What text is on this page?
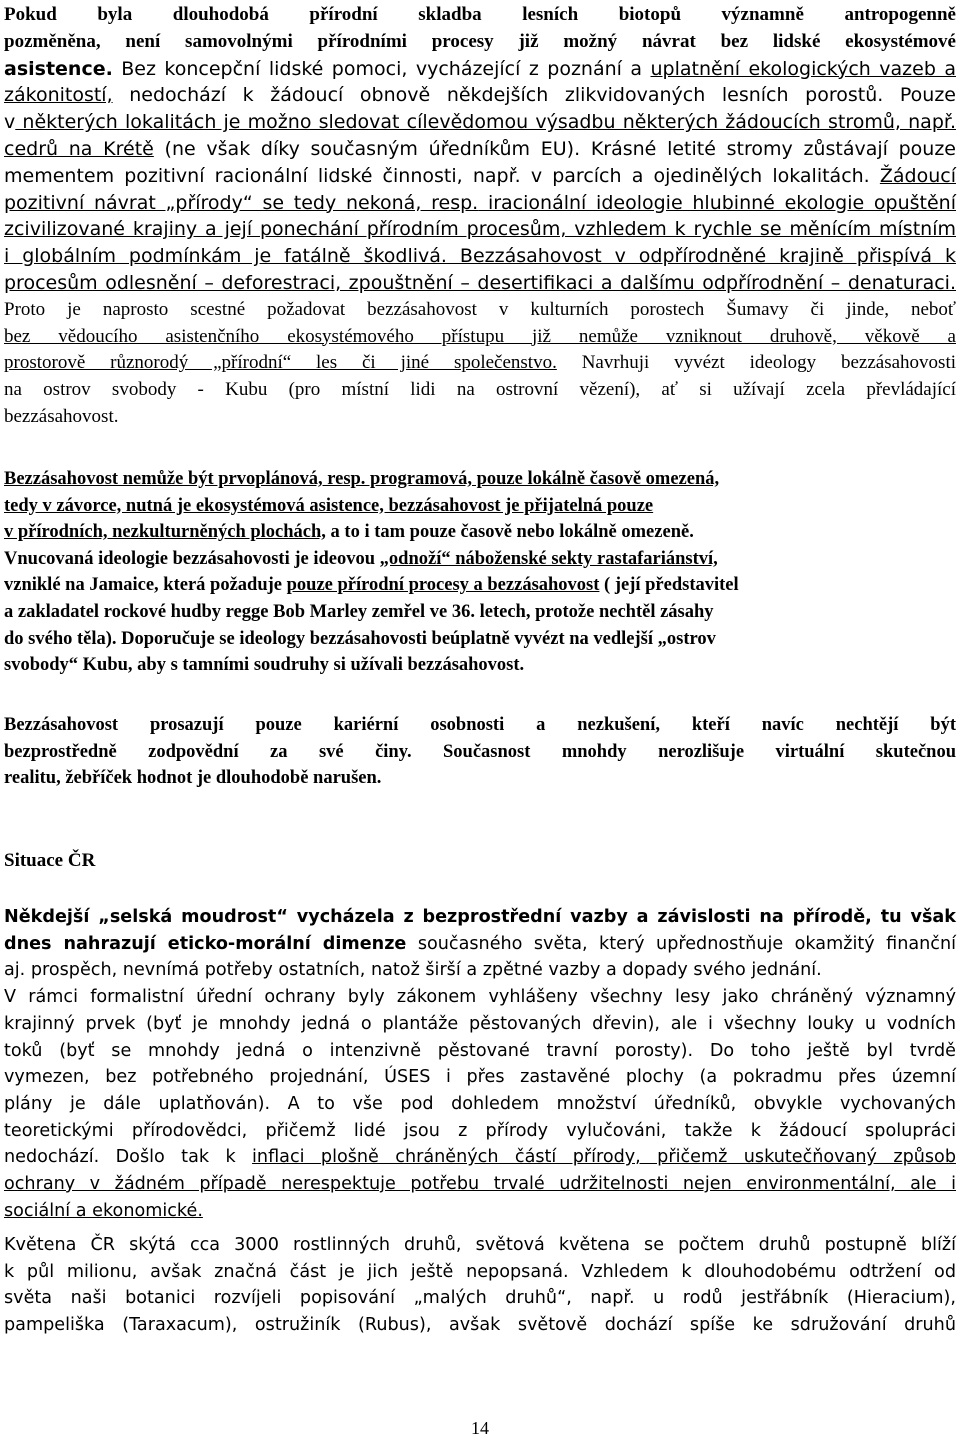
Pokud byla dlouhodobá přírodní skladba lesních biotopů významně antropogenně
pozměněna, není samovolnými přírodními procesy již možný návrat bez lidské ekosystémové
asistence. Bez koncepční lidské pomoci, vycházející z poznání a uplatnění ekologických vazeb a
zákonitostí, nedochází k žádoucí obnově někdejších zlikvidovaných lesních porostů. Pouze
v některých lokalitách je možno sledovat cílevědomou výsadbu některých žádoucích stromů, např.
cedrů na Krétě (ne však díky současným úředníkům EU). Krásné letité stromy zůstávají pouze
mementem pozitivní racionální lidské činnosti, např. v parcích a ojedinělých lokalitách. Žádoucí
pozitivní návrat „přírody“ se tedy nekoná, resp. iracionální ideologie hlubinné ekologie opuštění
zcivilizované krajiny a její ponechání přírodním procesům, vzhledem k rychle se měnícím místním
i globálním podmínkám je fatálně škodlivá. Bezzásahovost v odpřírodněné krajině přispívá k
procesům odlesnění – deforestraci, zpouštnění – desertifikaci a dalšímu odpřírodnění – denaturaci.
Proto je naprosto scestné požadovat bezzásahovost v kulturních porostech Šumavy či jinde, neboť
bez vědoucího asistenčního ekosystémového přístupu již nemůže vzniknout druhově, věkově a
prostorově různorodý „přírodní“ les či jiné společenstvo. Navrhuji vyvézt ideology bezzásahovosti
na ostrov svobody - Kubu (pro místní lidi na ostrovní vězení), ať si užívají zcela převládající
bezzásahovost.
Bezzásahovost nemůže být prvoplánová, resp. programová, pouze lokálně časově omezená,
tedy v závorce, nutná je ekosystémová asistence, bezzásahovost je přijatelná pouze
v přírodních, nezkulturněných plochách, a to i tam pouze časově nebo lokálně omezeně.
Vnucovaná ideologie bezzásahovosti je ideovou „odnoží“ náboženské sekty rastafariánství,
vzniklé na Jamaice, která požaduje pouze přírodní procesy a bezzásahovost ( její představitel
a zakladatel rockové hudby regge Bob Marley zemřel ve 36. letech, protože nechtěl zásahy
do svého těla). Doporučuje se ideology bezzásahovosti beúplatně vyvézt na vedlejší „ostrov
svobody“ Kubu, aby s tamními soudruhy si užívali bezzásahovost.
Bezzásahovost prosazují pouze kariérní osobnosti a nezkušení, kteří navíc nechtějí být
bezprostředně zodpovědní za své činy. Současnost mnohdy nerozlišuje virtuální skutečnou
realitu, žebříček hodnot je dlouhodobě narušen.
Situace ČR
Někdejší „selská moudrost“ vycházela z bezprostřední vazby a závislosti na přírodě, tu však
dnes nahrazují eticko-morální dimenze současného světa, který upřednostňuje okamžitý finanční
aj. prospěch, nevnímá potřeby ostatních, natož širší a zpětné vazby a dopady svého jednání.
V rámci formalistní úřední ochrany byly zákonem vyhlášeny všechny lesy jako chráněný významný
krajinný prvek (byť je mnohdy jedná o plantáže pěstovaných dřevin), ale i všechny louky u vodních
toků (byť se mnohdy jedná o intenzivně pěstované travní porosty). Do toho ještě byl tvrdě
vymezen, bez potřebného projednání, ÚSES i přes zastavěné plochy (a pokradmu přes územní
plány je dále uplatňován). A to vše pod dohledem množství úředníků, obvykle vychovaných
teoretickými přírodovědci, přičemž lidé jsou z přírody vylučováni, takže k žádoucí spolupráci
nedochází. Došlo tak k inflaci plošně chráněných částí přírody, přičemž uskutečňovaný způsob
ochrany v žádném případě nerespektuje potřebu trvalé udržitelnosti nejen environmentální, ale i
sociální a ekonomické.
Květena ČR skýtá cca 3000 rostlinných druhů, světová květena se počtem druhů postupně blíží
k půl milionu, avšak značná část je jich ještě nepopsaná. Vzhledem k dlouhodobému odtržení od
světa naši botanici rozvíjeli popisování „malých druhů“, např. u rodů jestřábník (Hieracium),
pampeliška (Taraxacum), ostružiník (Rubus), avšak světově dochází spíše ke sdružování druhů
14
